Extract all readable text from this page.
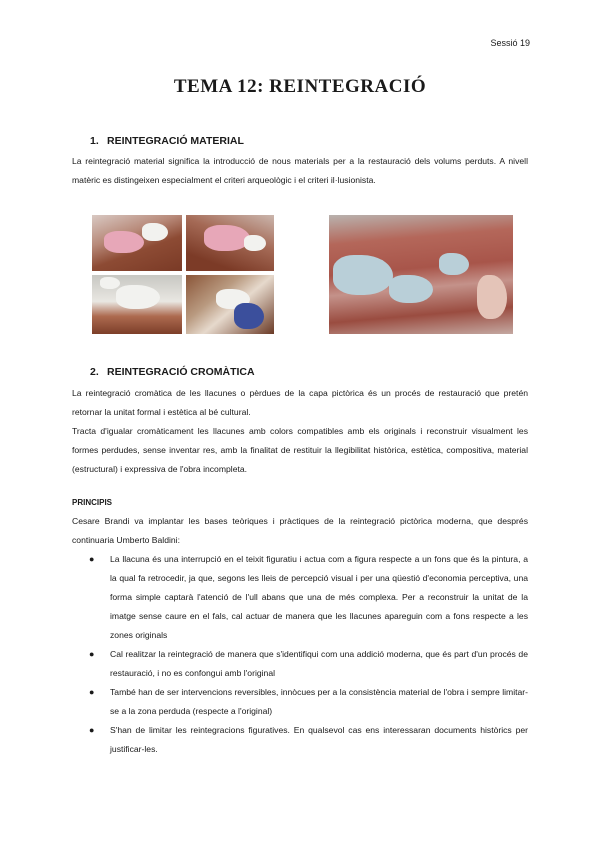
Sessió 19
TEMA 12: REINTEGRACIÓ
1. REINTEGRACIÓ MATERIAL

La reintegració material significa la introducció de nous materials per a la restauració dels volums perduts. A nivell matèric es distingeixen especialment el criteri arqueològic i el criteri il·lusionista.

2. REINTEGRACIÓ CROMÀTICA

La reintegració cromàtica de les llacunes o pèrdues de la capa pictòrica és un procés de restauració que pretén retornar la unitat formal i estètica al bé cultural.

Tracta d'igualar cromàticament les llacunes amb colors compatibles amb els originals i reconstruir visualment les formes perdudes, sense inventar res, amb la finalitat de restituir la llegibilitat històrica, estètica, compositiva, material (estructural) i expressiva de l'obra incompleta.

PRINCIPIS

Cesare Brandi va implantar les bases teòriques i pràctiques de la reintegració pictòrica moderna, que després continuaria Umberto Baldini:

● La llacuna és una interrupció en el teixit figuratiu i actua com a figura respecte a un fons que és la pintura, a la qual fa retrocedir, ja que, segons les lleis de percepció visual i per una qüestió d'economia perceptiva, una forma simple captarà l'atenció de l'ull abans que una de més complexa. Per a reconstruir la unitat de la imatge sense caure en el fals, cal actuar de manera que les llacunes apareguin com a fons respecte a les zones originals
● Cal realitzar la reintegració de manera que s'identifiqui com una addició moderna, que és part d'un procés de restauració, i no es confongui amb l'original
● També han de ser intervencions reversibles, innòcues per a la consistència material de l'obra i sempre limitar-se a la zona perduda (respecte a l'original)
● S'han de limitar les reintegracions figuratives. En qualsevol cas ens interessaran documents històrics per justificar-les.
